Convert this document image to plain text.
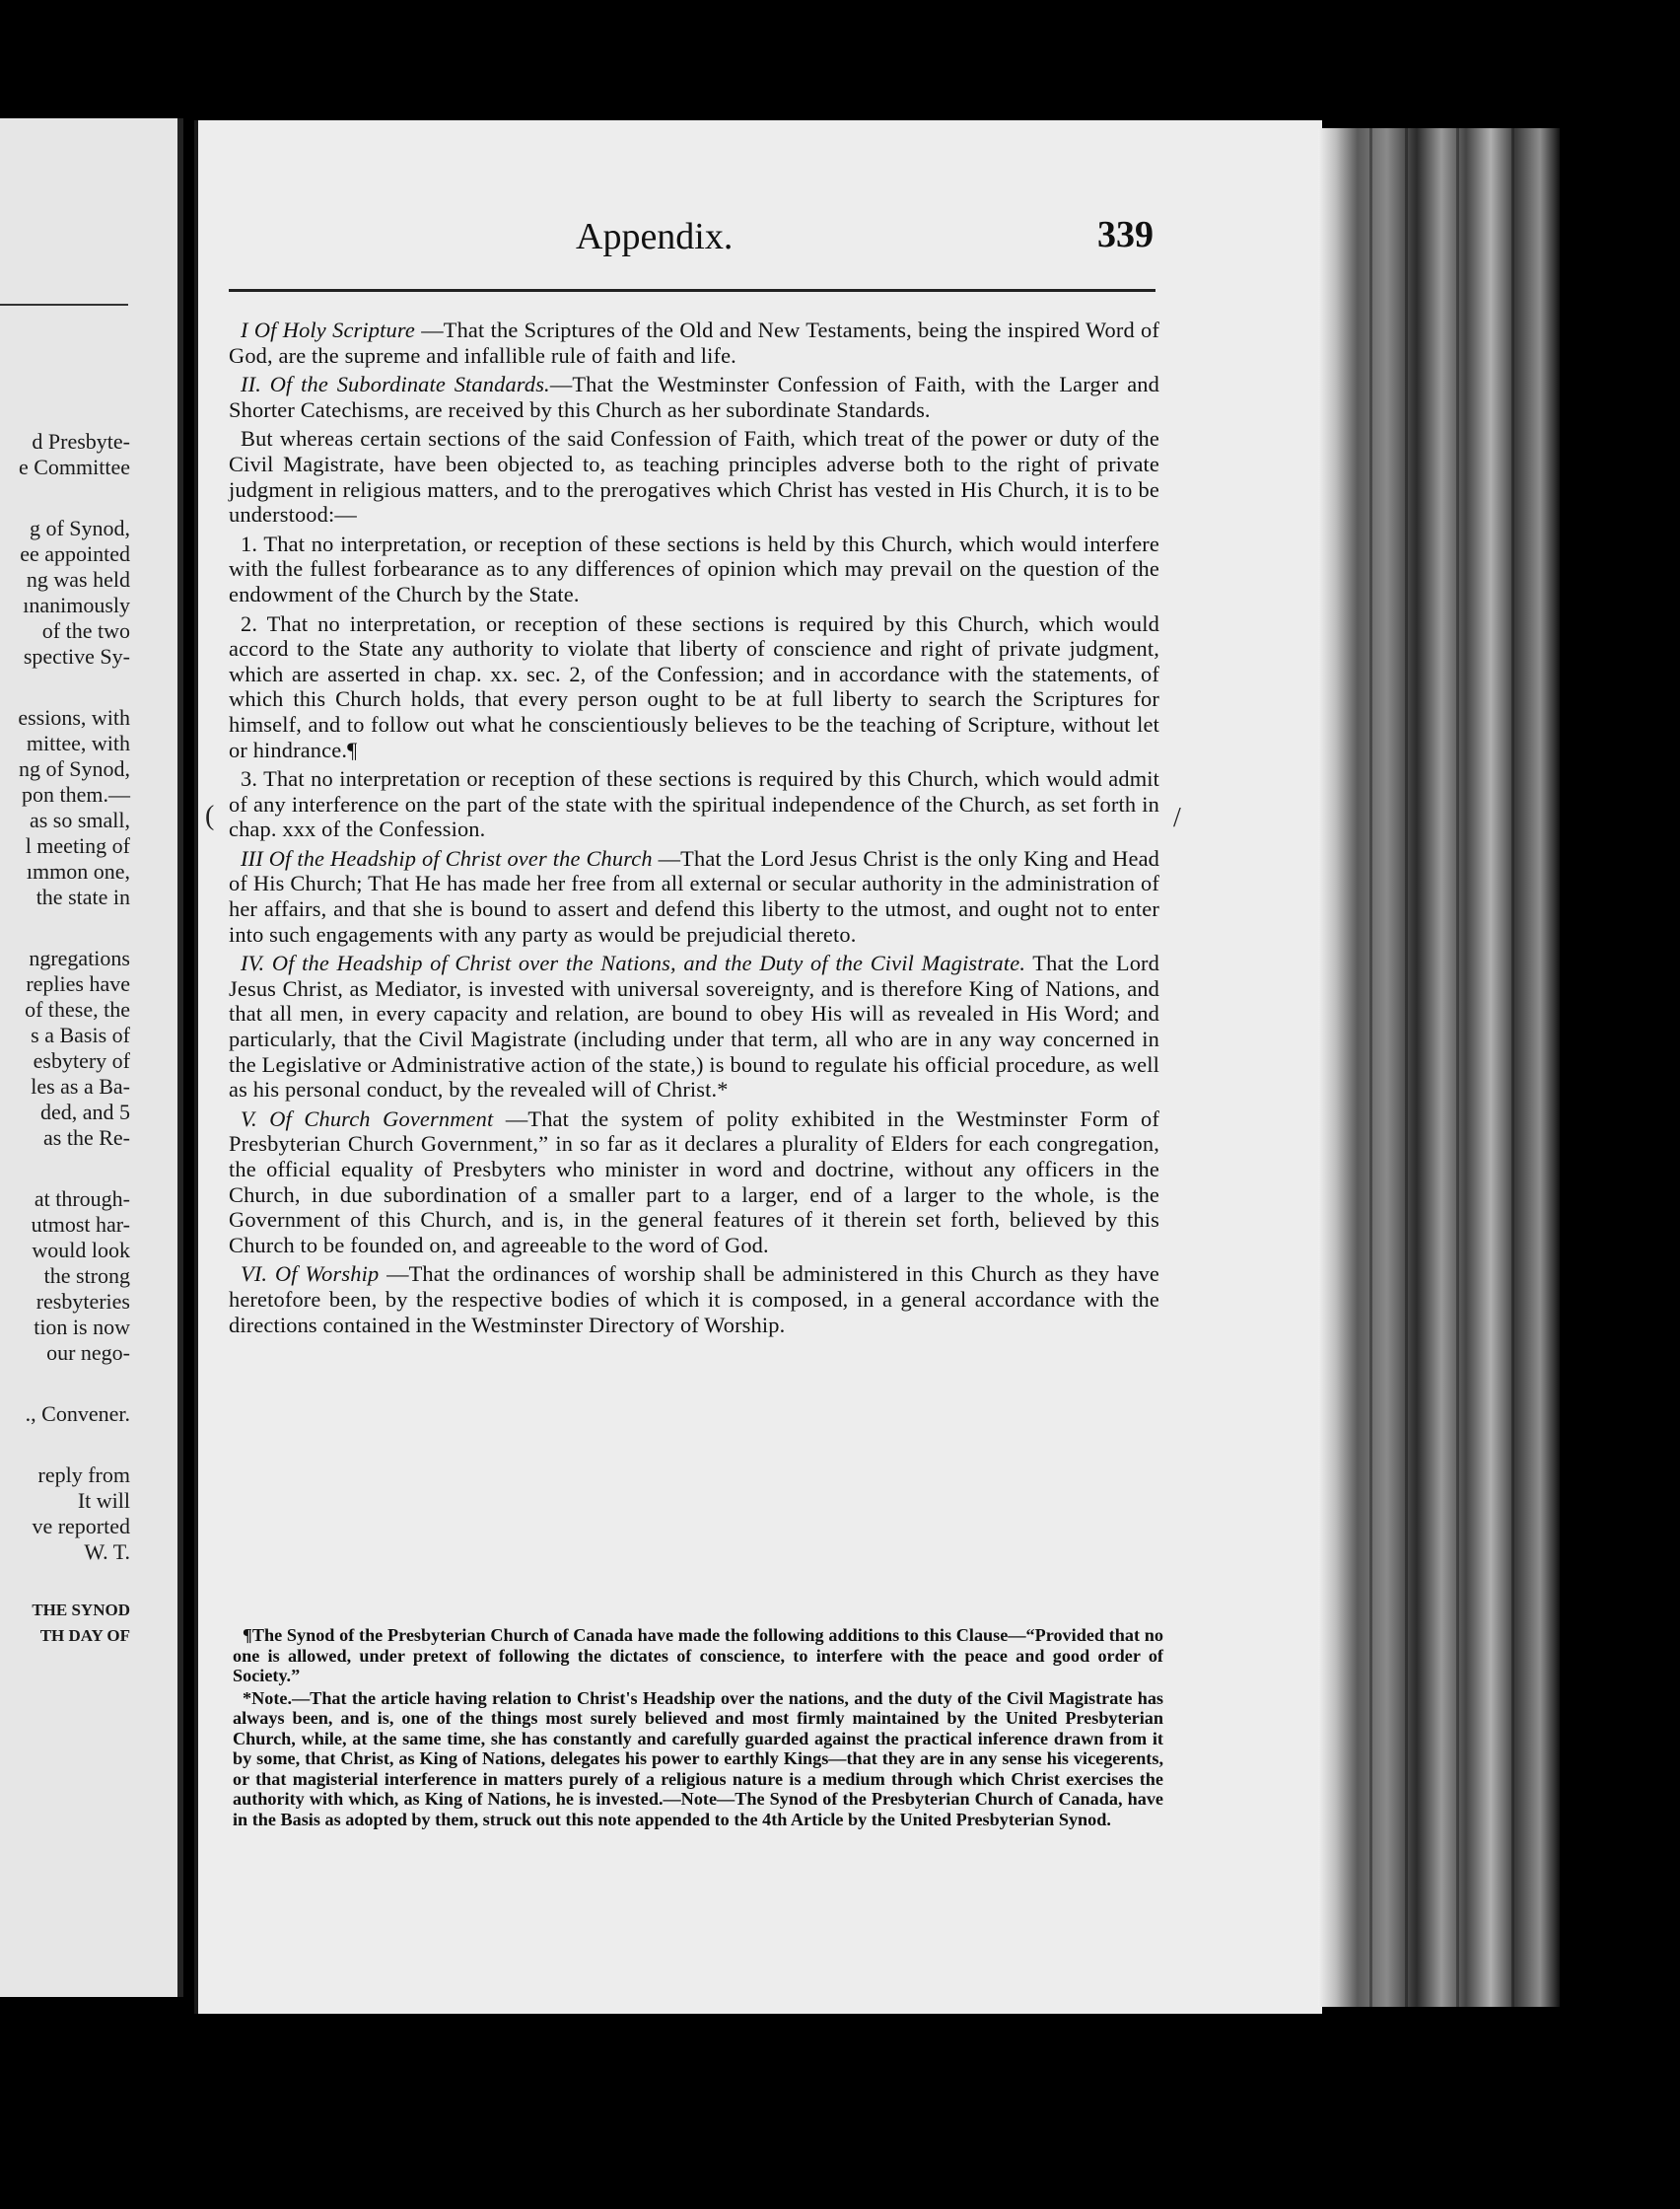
d Presbyte-
e Committee
g of Synod,
ee appointed
ng was held
ınanimously
of the two
spective Sy-
essions, with
mittee, with
ng of Synod,
pon them.—
as so small,
l meeting of
ımmon one,
the state in
ngregations
replies have
of these, the
s a Basis of
esbytery of
les as a Ba-
ded, and 5
as the Re-
at through-
utmost har-
would look
the strong
resbyteries
tion is now
our nego-
., Convener.
reply from
It will
ve reported
W. T.
THE SYNOD
TH DAY OF
Appendix.	339

I Of Holy Scripture —That the Scriptures of the Old and New Testaments, being the inspired Word of God, are the supreme and infallible rule of faith and life.

II. Of the Subordinate Standards.—That the Westminster Confession of Faith, with the Larger and Shorter Catechisms, are received by this Church as her subordinate Standards.

But whereas certain sections of the said Confession of Faith, which treat of the power or duty of the Civil Magistrate, have been objected to, as teaching principles adverse both to the right of private judgment in religious matters, and to the prerogatives which Christ has vested in His Church, it is to be understood:—

1. That no interpretation, or reception of these sections is held by this Church, which would interfere with the fullest forbearance as to any differences of opinion which may prevail on the question of the endowment of the Church by the State.

2. That no interpretation, or reception of these sections is required by this Church, which would accord to the State any authority to violate that liberty of conscience and right of private judgment, which are asserted in chap. xx. sec. 2, of the Confession; and in accordance with the statements, of which this Church holds, that every person ought to be at full liberty to search the Scriptures for himself, and to follow out what he conscientiously believes to be the teaching of Scripture, without let or hindrance.¶

3. That no interpretation or reception of these sections is required by this Church, which would admit of any interference on the part of the state with the spiritual independence of the Church, as set forth in chap. xxx of the Confession.

III Of the Headship of Christ over the Church —That the Lord Jesus Christ is the only King and Head of His Church; That He has made her free from all external or secular authority in the administration of her affairs, and that she is bound to assert and defend this liberty to the utmost, and ought not to enter into such engagements with any party as would be prejudicial thereto.

IV. Of the Headship of Christ over the Nations, and the Duty of the Civil Magistrate. That the Lord Jesus Christ, as Mediator, is invested with universal sovereignty, and is therefore King of Nations, and that all men, in every capacity and relation, are bound to obey His will as revealed in His Word; and particularly, that the Civil Magistrate (including under that term, all who are in any way concerned in the Legislative or Administrative action of the state,) is bound to regulate his official procedure, as well as his personal conduct, by the revealed will of Christ.*

V. Of Church Government —That the system of polity exhibited in the Westminster Form of Presbyterian Church Government,” in so far as it declares a plurality of Elders for each congregation, the official equality of Presbyters who minister in word and doctrine, without any officers in the Church, in due subordination of a smaller part to a larger, end of a larger to the whole, is the Government of this Church, and is, in the general features of it therein set forth, believed by this Church to be founded on, and agreeable to the word of God.

VI. Of Worship —That the ordinances of worship shall be administered in this Church as they have heretofore been, by the respective bodies of which it is composed, in a general accordance with the directions contained in the Westminster Directory of Worship.

(	/

¶The Synod of the Presbyterian Church of Canada have made the following additions to this Clause—“Provided that no one is allowed, under pretext of following the dictates of conscience, to interfere with the peace and good order of Society.”

*Note.—That the article having relation to Christ's Headship over the nations, and the duty of the Civil Magistrate has always been, and is, one of the things most surely believed and most firmly maintained by the United Presbyterian Church, while, at the same time, she has constantly and carefully guarded against the practical inference drawn from it by some, that Christ, as King of Nations, delegates his power to earthly Kings—that they are in any sense his vicegerents, or that magisterial interference in matters purely of a religious nature is a medium through which Christ exercises the authority with which, as King of Nations, he is invested.—Note—The Synod of the Presbyterian Church of Canada, have in the Basis as adopted by them, struck out this note appended to the 4th Article by the United Presbyterian Synod.
